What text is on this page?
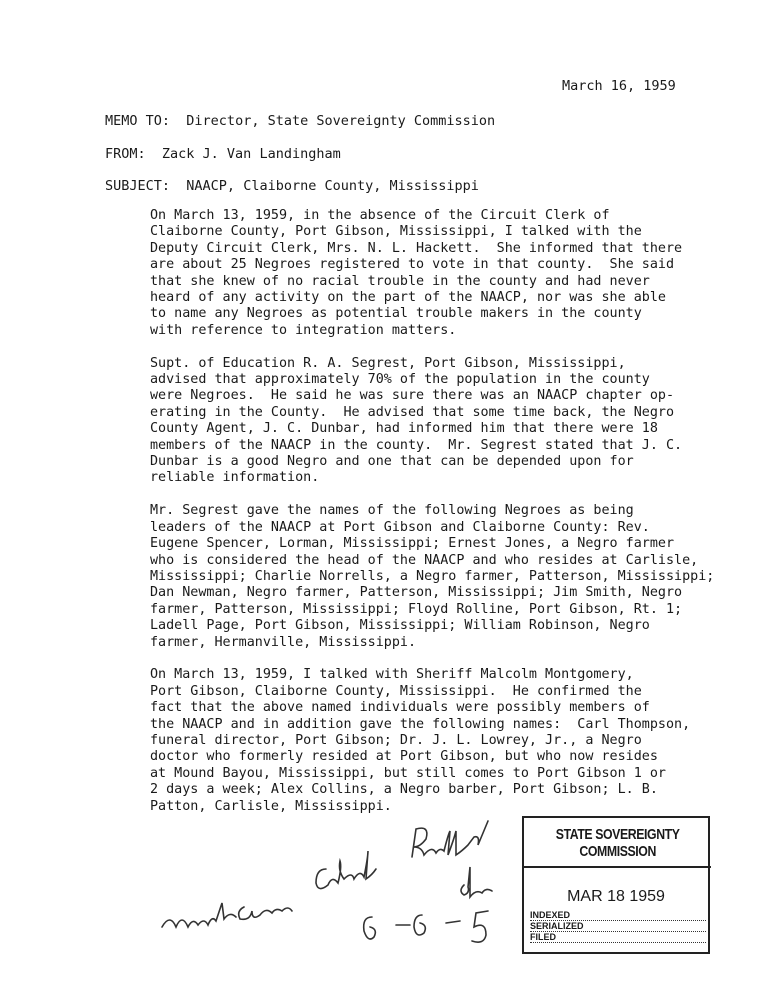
March 16, 1959
MEMO TO: Director, State Sovereignty Commission
FROM: Zack J. Van Landingham
SUBJECT: NAACP, Claiborne County, Mississippi

On March 13, 1959, in the absence of the Circuit Clerk of
Claiborne County, Port Gibson, Mississippi, I talked with the
Deputy Circuit Clerk, Mrs. N. L. Hackett.  She informed that there
are about 25 Negroes registered to vote in that county.  She said
that she knew of no racial trouble in the county and had never
heard of any activity on the part of the NAACP, nor was she able
to name any Negroes as potential trouble makers in the county
with reference to integration matters.

Supt. of Education R. A. Segrest, Port Gibson, Mississippi,
advised that approximately 70% of the population in the county
were Negroes.  He said he was sure there was an NAACP chapter op-
erating in the County.  He advised that some time back, the Negro
County Agent, J. C. Dunbar, had informed him that there were 18
members of the NAACP in the county.  Mr. Segrest stated that J. C.
Dunbar is a good Negro and one that can be depended upon for
reliable information.

Mr. Segrest gave the names of the following Negroes as being
leaders of the NAACP at Port Gibson and Claiborne County: Rev.
Eugene Spencer, Lorman, Mississippi; Ernest Jones, a Negro farmer
who is considered the head of the NAACP and who resides at Carlisle,
Mississippi; Charlie Norrells, a Negro farmer, Patterson, Mississippi;
Dan Newman, Negro farmer, Patterson, Mississippi; Jim Smith, Negro
farmer, Patterson, Mississippi; Floyd Rolline, Port Gibson, Rt. 1;
Ladell Page, Port Gibson, Mississippi; William Robinson, Negro
farmer, Hermanville, Mississippi.

On March 13, 1959, I talked with Sheriff Malcolm Montgomery,
Port Gibson, Claiborne County, Mississippi.  He confirmed the
fact that the above named individuals were possibly members of
the NAACP and in addition gave the following names:  Carl Thompson,
funeral director, Port Gibson; Dr. J. L. Lowrey, Jr., a Negro
doctor who formerly resided at Port Gibson, but who now resides
at Mound Bayou, Mississippi, but still comes to Port Gibson 1 or
2 days a week; Alex Collins, a Negro barber, Port Gibson; L. B.
Patton, Carlisle, Mississippi.

STATE SOVEREIGNTY COMMISSION
MAR 18 1959
INDEXED
SERIALIZED
FILED
